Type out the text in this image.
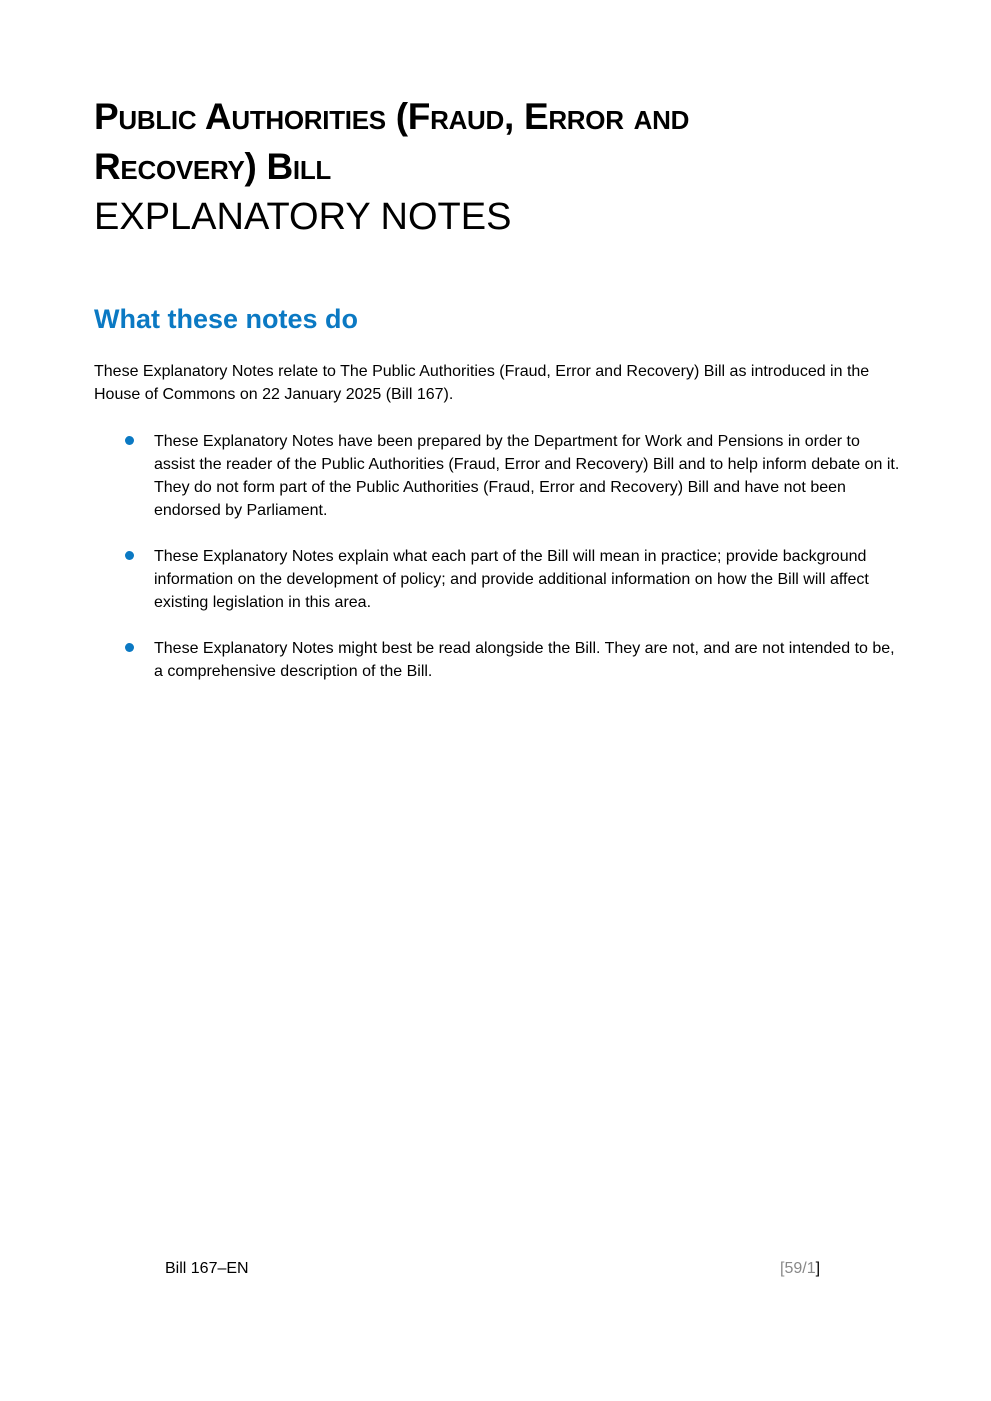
Public Authorities (Fraud, Error and
Recovery) Bill
EXPLANATORY NOTES
What these notes do
These Explanatory Notes relate to The Public Authorities (Fraud, Error and Recovery) Bill as introduced in the House of Commons on 22 January 2025 (Bill 167).
These Explanatory Notes have been prepared by the Department for Work and Pensions in order to assist the reader of the Public Authorities (Fraud, Error and Recovery) Bill and to help inform debate on it. They do not form part of the Public Authorities (Fraud, Error and Recovery) Bill and have not been endorsed by Parliament.
These Explanatory Notes explain what each part of the Bill will mean in practice; provide background information on the development of policy; and provide additional information on how the Bill will affect existing legislation in this area.
These Explanatory Notes might best be read alongside the Bill. They are not, and are not intended to be, a comprehensive description of the Bill.
Bill 167–EN	[59/1]
